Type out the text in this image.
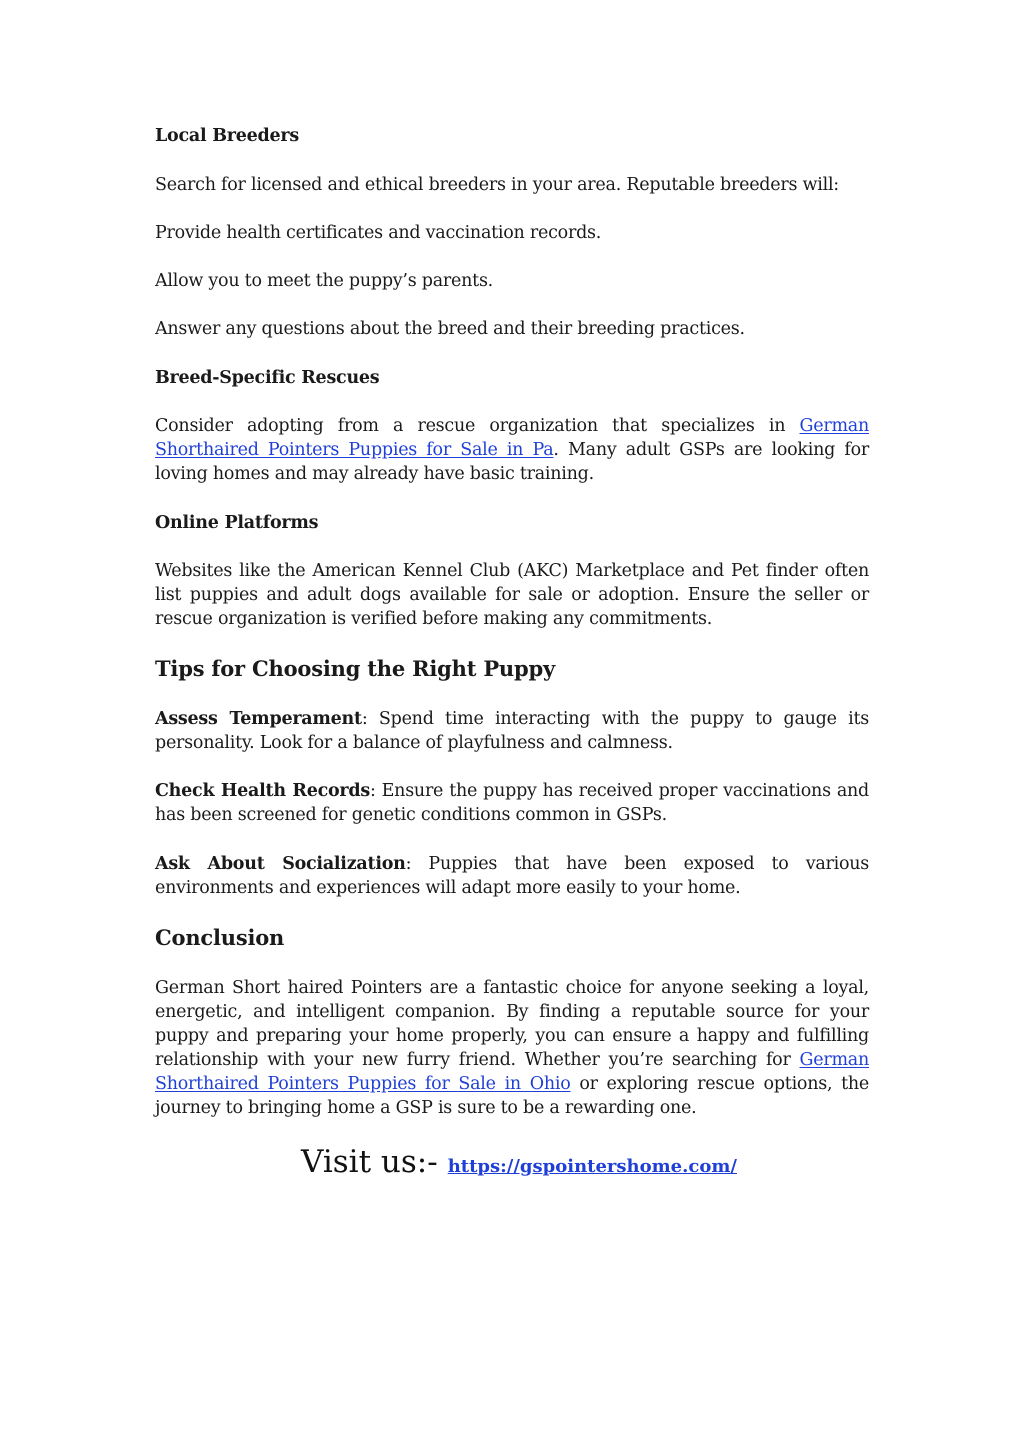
Local Breeders

Search for licensed and ethical breeders in your area. Reputable breeders will:

Provide health certificates and vaccination records.

Allow you to meet the puppy’s parents.

Answer any questions about the breed and their breeding practices.

Breed-Specific Rescues

Consider adopting from a rescue organization that specializes in German Shorthaired Pointers Puppies for Sale in Pa. Many adult GSPs are looking for loving homes and may already have basic training.

Online Platforms

Websites like the American Kennel Club (AKC) Marketplace and Pet finder often list puppies and adult dogs available for sale or adoption. Ensure the seller or rescue organization is verified before making any commitments.

Tips for Choosing the Right Puppy

Assess Temperament: Spend time interacting with the puppy to gauge its personality. Look for a balance of playfulness and calmness.

Check Health Records: Ensure the puppy has received proper vaccinations and has been screened for genetic conditions common in GSPs.

Ask About Socialization: Puppies that have been exposed to various environments and experiences will adapt more easily to your home.

Conclusion

German Short haired Pointers are a fantastic choice for anyone seeking a loyal, energetic, and intelligent companion. By finding a reputable source for your puppy and preparing your home properly, you can ensure a happy and fulfilling relationship with your new furry friend. Whether you’re searching for German Shorthaired Pointers Puppies for Sale in Ohio or exploring rescue options, the journey to bringing home a GSP is sure to be a rewarding one.

Visit us:- https://gspointershome.com/
